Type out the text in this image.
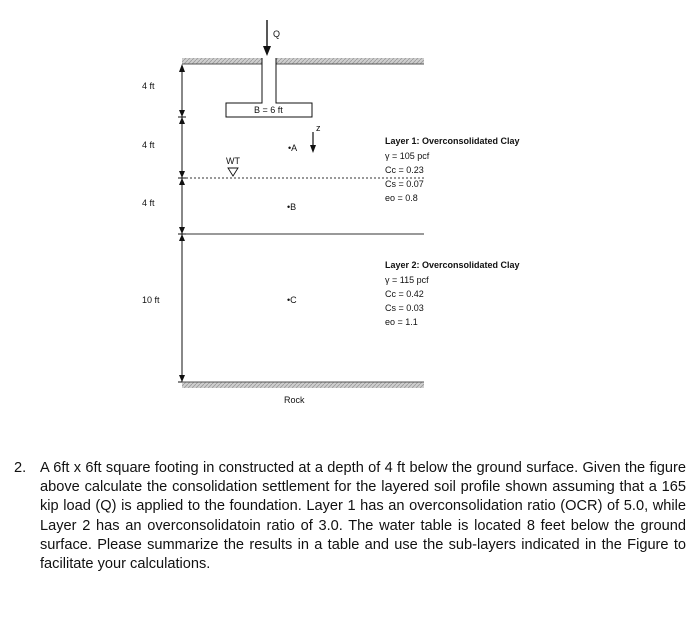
Q
B = 6 ft
z
4 ft
4 ft
4 ft
10 ft
WT
Rock
•A
•B
•C
Layer 1: Overconsolidated Clay
γ = 105 pcf
Cc = 0.23
Cs = 0.07
eo = 0.8
Layer 2: Overconsolidated Clay
γ = 115 pcf
Cc = 0.42
Cs = 0.03
eo = 1.1
2. A 6ft x 6ft square footing in constructed at a depth of 4 ft below the ground surface. Given the figure above calculate the consolidation settlement for the layered soil profile shown assuming that a 165 kip load (Q) is applied to the foundation. Layer 1 has an overconsolidation ratio (OCR) of 5.0, while Layer 2 has an overconsolidatoin ratio of 3.0. The water table is located 8 feet below the ground surface. Please summarize the results in a table and use the sub-layers indicated in the Figure to facilitate your calculations.
